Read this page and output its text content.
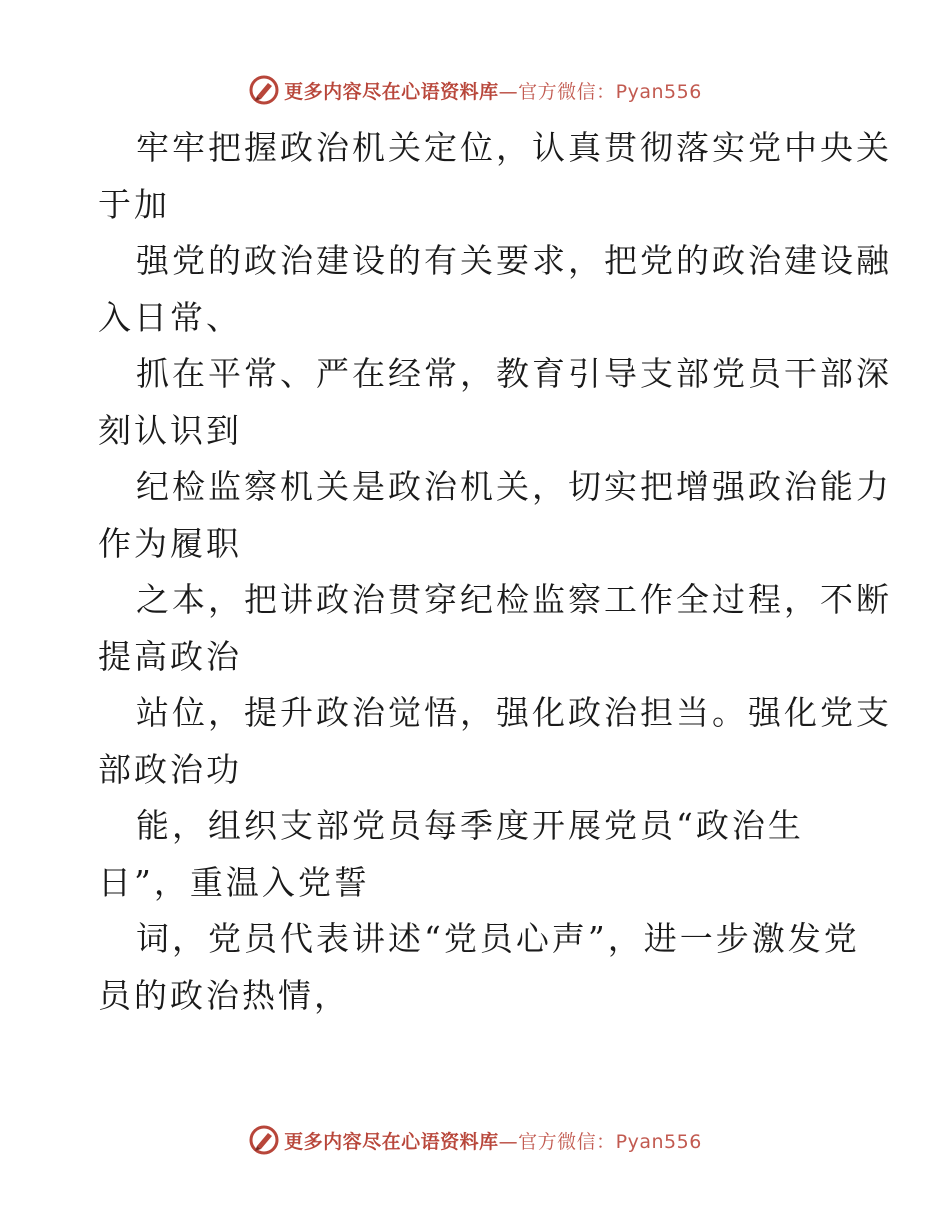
更多内容尽在心语资料库—官方微信：Pyan556
牢牢把握政治机关定位，认真贯彻落实党中央关
于加
强党的政治建设的有关要求，把党的政治建设融
入日常、
抓在平常、严在经常，教育引导支部党员干部深
刻认识到
纪检监察机关是政治机关，切实把增强政治能力
作为履职
之本，把讲政治贯穿纪检监察工作全过程，不断
提高政治
站位，提升政治觉悟，强化政治担当。强化党支
部政治功
能，组织支部党员每季度开展党员“政治生
日”，重温入党誓
词，党员代表讲述“党员心声”，进一步激发党
员的政治热情，
更多内容尽在心语资料库—官方微信：Pyan556
